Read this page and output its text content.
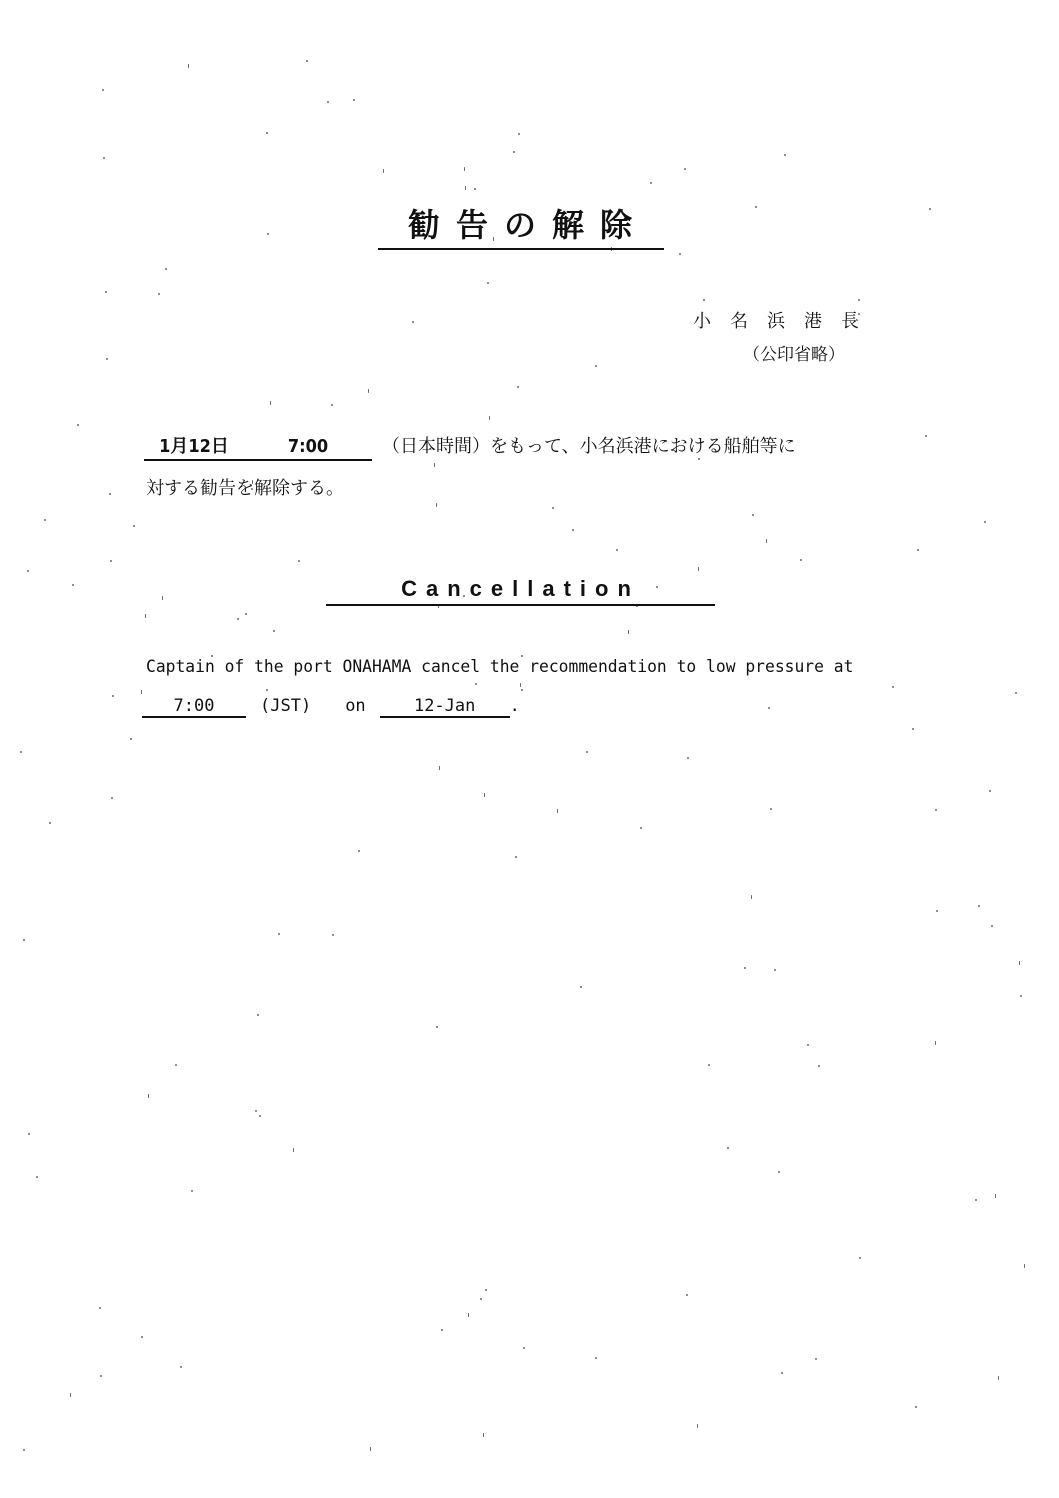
勧告の解除
小名浜港長
（公印省略）
1月12日	7:00	（日本時間）をもって、小名浜港における船舶等に
対する勧告を解除する。
Cancellation
Captain of the port ONAHAMA cancel the recommendation to low pressure at
7:00	(JST) on	12-Jan .
